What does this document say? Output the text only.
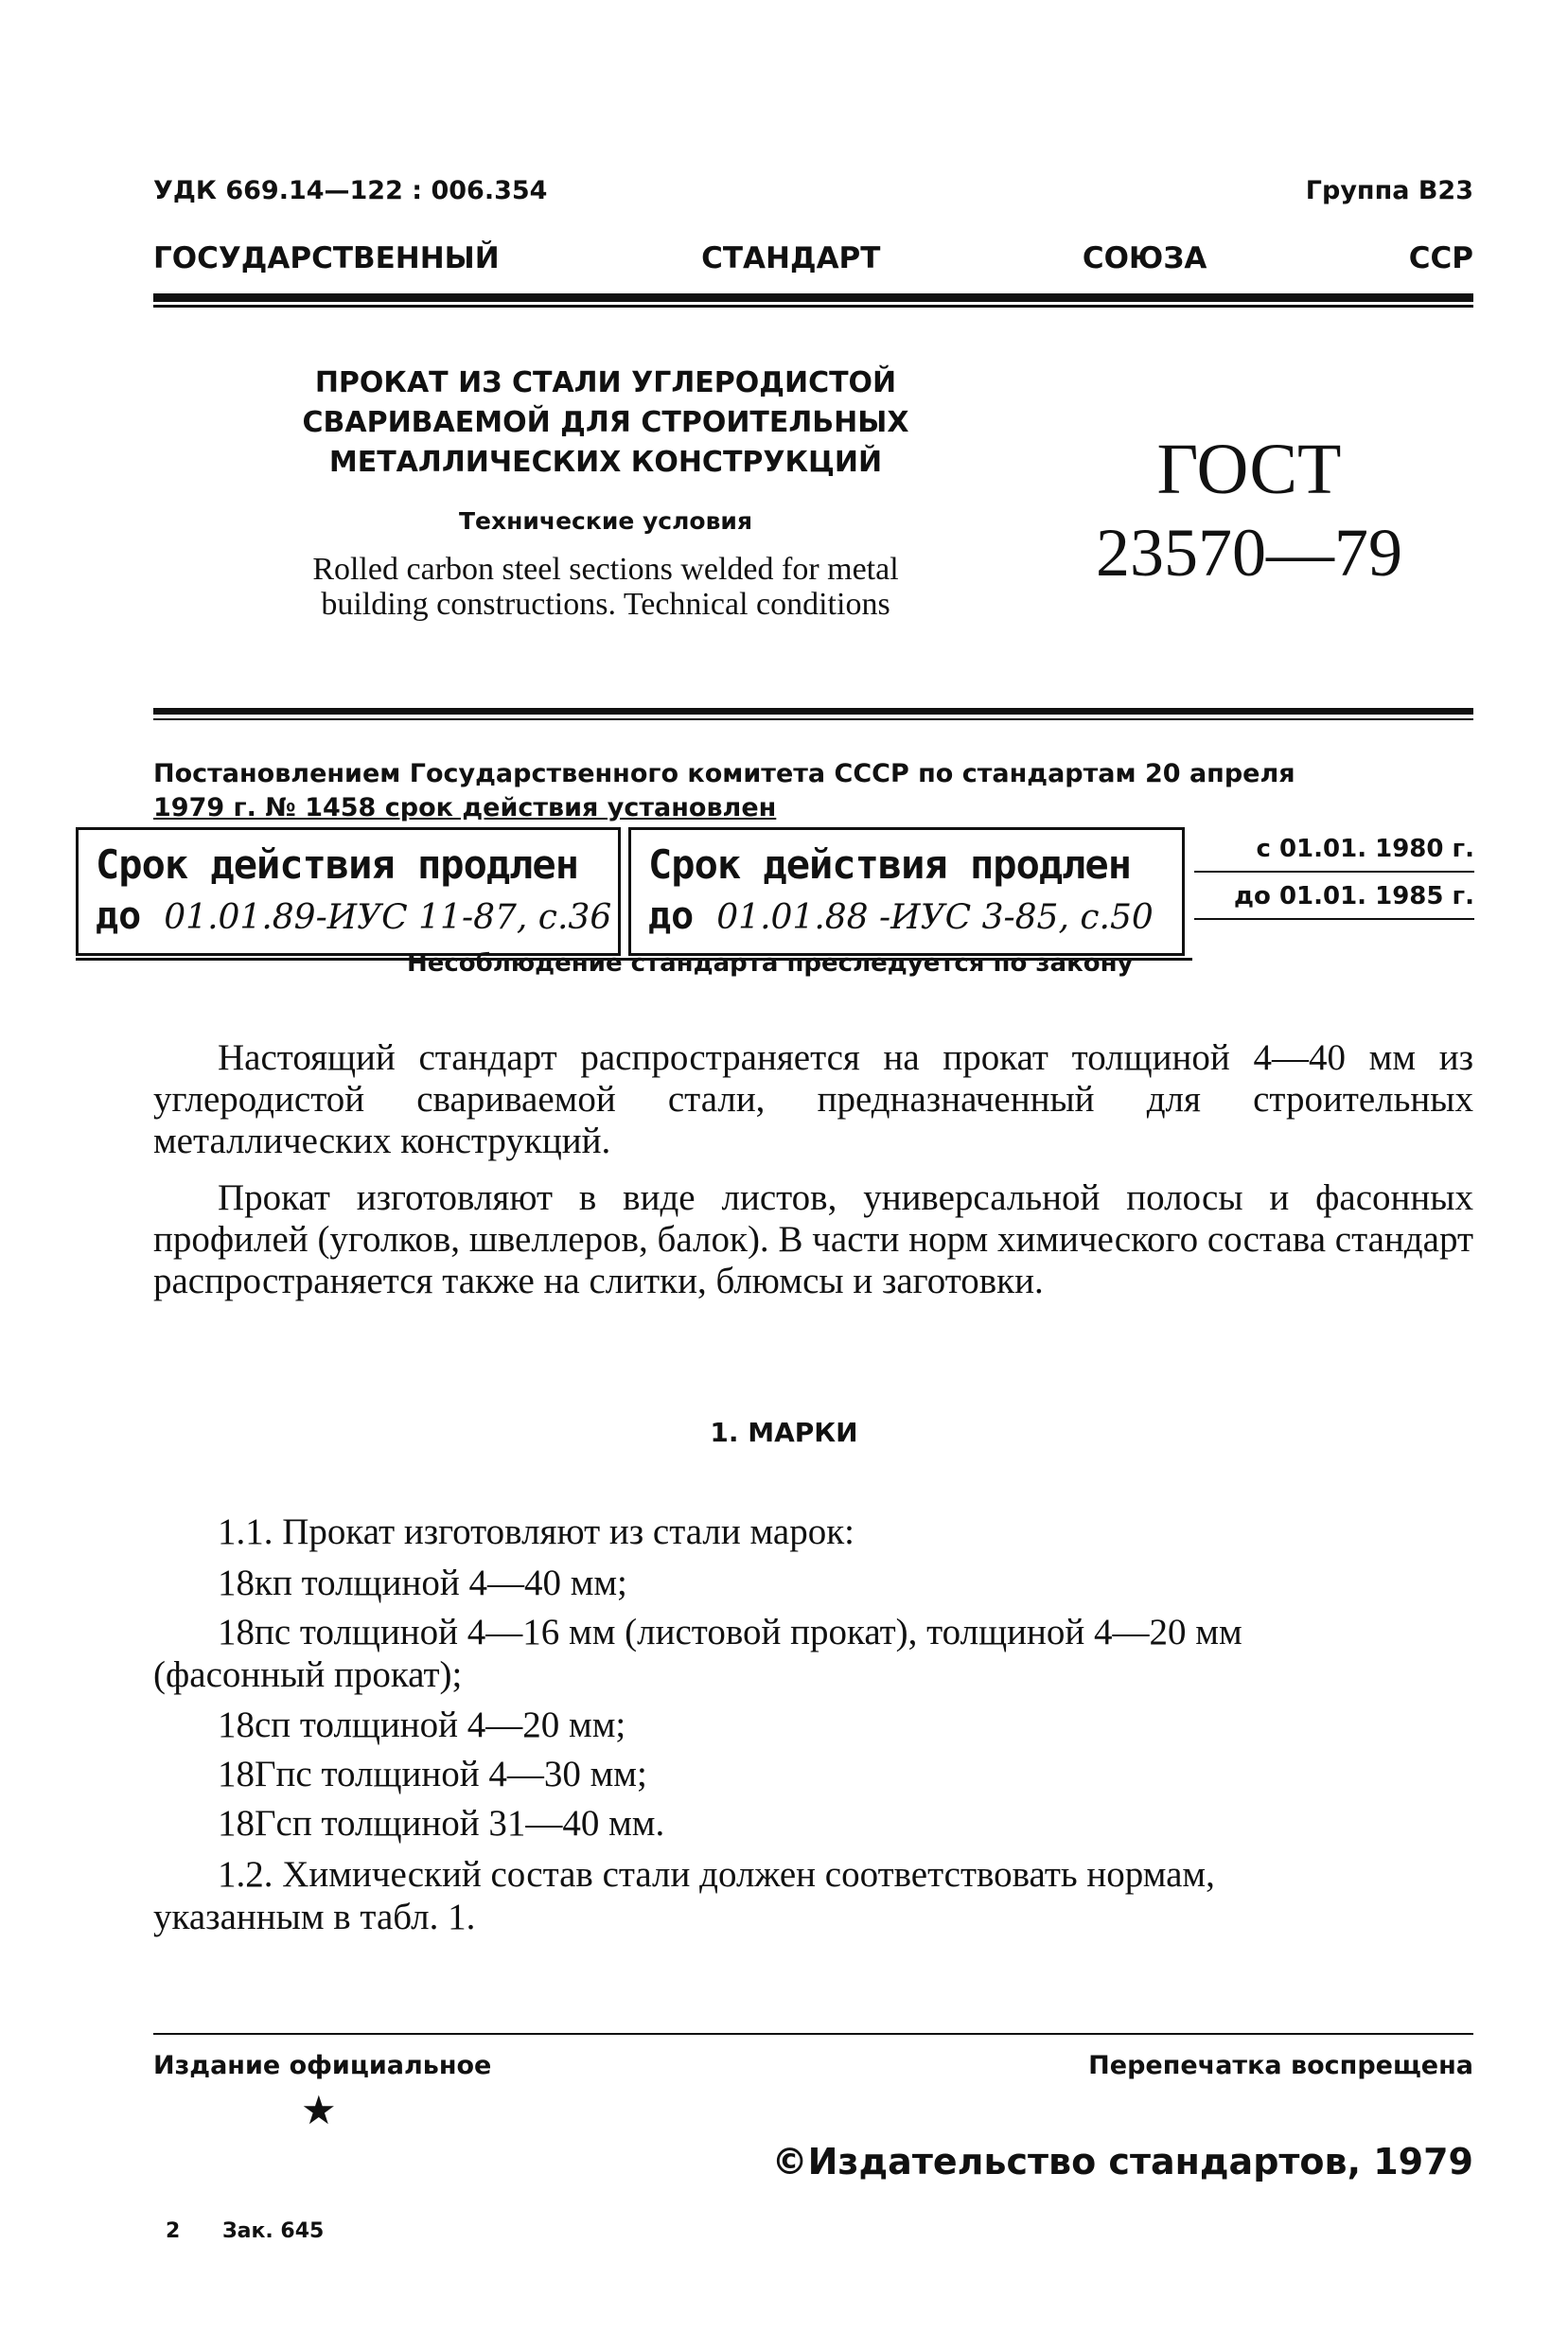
УДК 669.14—122 : 006.354	Группа В23
ГОСУДАРСТВЕННЫЙ	СТАНДАРТ	СОЮЗА	ССР
ПРОКАТ ИЗ СТАЛИ УГЛЕРОДИСТОЙ
СВАРИВАЕМОЙ ДЛЯ СТРОИТЕЛЬНЫХ
МЕТАЛЛИЧЕСКИХ КОНСТРУКЦИЙ
Технические условия
Rolled carbon steel sections welded for metal
building constructions. Technical conditions
ГОСТ
23570—79
Постановлением Государственного комитета СССР по стандартам 20 апреля
1979 г. № 1458 срок действия установлен
Срок действия продлен
до 01.01.89-ИУС 11-87, с.36
Срок действия продлен
до 01.01.88 -ИУС 3-85, с.50
с 01.01. 1980 г.
до 01.01. 1985 г.
Несоблюдение стандарта преследуется по закону
Настоящий стандарт распространяется на прокат толщиной 4—40 мм из углеродистой свариваемой стали, предназначенный для строительных металлических конструкций.
Прокат изготовляют в виде листов, универсальной полосы и фасонных профилей (уголков, швеллеров, балок). В части норм химического состава стандарт распространяется также на слитки, блюмсы и заготовки.
1. МАРКИ
1.1. Прокат изготовляют из стали марок:
18кп толщиной 4—40 мм;
18пс толщиной 4—16 мм (листовой прокат), толщиной 4—20 мм
(фасонный прокат);
18сп толщиной 4—20 мм;
18Гпс толщиной 4—30 мм;
18Гсп толщиной 31—40 мм.
1.2. Химический состав стали должен соответствовать нормам,
указанным в табл. 1.
Издание официальное
★
Перепечатка воспрещена
©Издательство стандартов, 1979
2 Зак. 645
